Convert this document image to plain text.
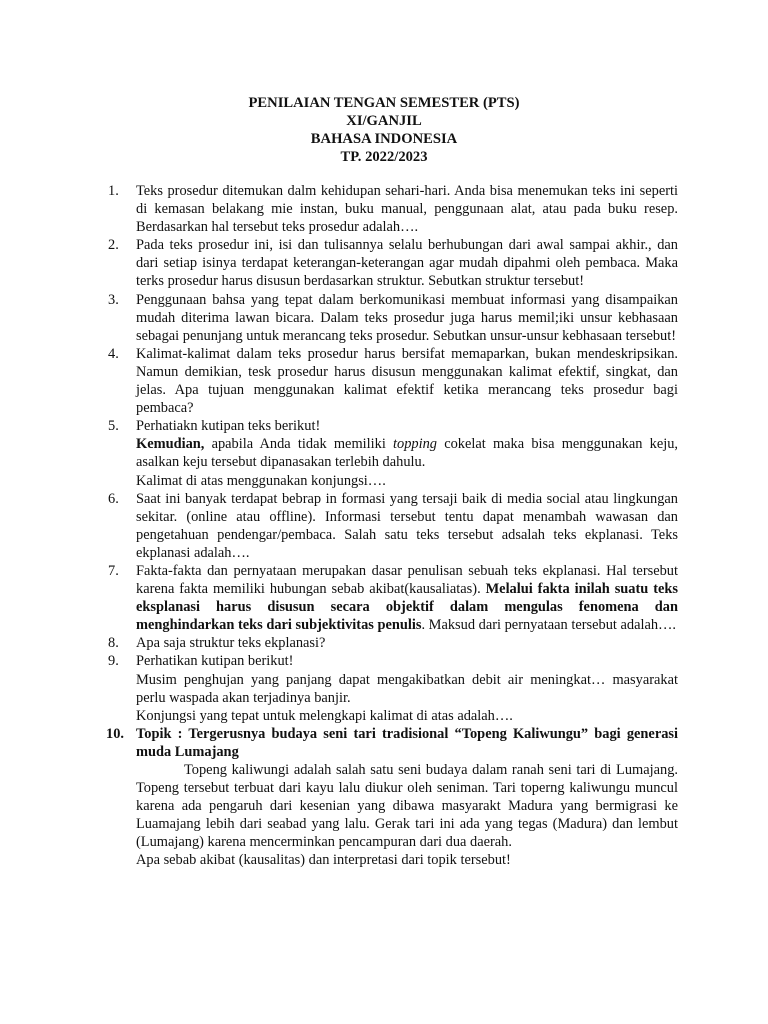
PENILAIAN TENGAN SEMESTER (PTS)
XI/GANJIL
BAHASA INDONESIA
TP. 2022/2023
1.	Teks prosedur ditemukan dalm kehidupan sehari-hari. Anda bisa menemukan teks ini seperti di kemasan belakang mie instan, buku manual, penggunaan alat, atau pada buku resep. Berdasarkan hal tersebut teks prosedur adalah….

2.	Pada teks prosedur ini, isi dan tulisannya selalu berhubungan dari awal sampai akhir., dan dari setiap isinya terdapat keterangan-keterangan agar mudah dipahmi oleh pembaca. Maka terks prosedur harus disusun berdasarkan struktur. Sebutkan struktur tersebut!

3.	Penggunaan bahsa yang tepat dalam berkomunikasi membuat informasi yang disampaikan mudah diterima lawan bicara. Dalam teks prosedur juga harus memil;iki unsur kebhasaan sebagai penunjang untuk merancang teks prosedur. Sebutkan unsur-unsur kebhasaan tersebut!

4.	Kalimat-kalimat dalam teks prosedur harus bersifat memaparkan, bukan mendeskripsikan. Namun demikian, tesk prosedur harus disusun menggunakan kalimat efektif, singkat, dan jelas. Apa tujuan menggunakan kalimat efektif ketika merancang teks prosedur bagi pembaca?

5.	Perhatiakn kutipan teks berikut!

Kemudian, apabila Anda tidak memiliki topping cokelat maka bisa menggunakan keju, asalkan keju tersebut dipanasakan terlebih dahulu.

Kalimat di atas menggunakan konjungsi….

6.	Saat ini banyak terdapat bebrap in formasi yang tersaji baik di media social atau lingkungan sekitar. (online atau offline). Informasi tersebut tentu dapat menambah wawasan dan pengetahuan pendengar/pembaca. Salah satu teks tersebut adsalah teks ekplanasi. Teks ekplanasi adalah….

7.	Fakta-fakta dan pernyataan merupakan dasar penulisan sebuah teks ekplanasi. Hal tersebut karena fakta memiliki hubungan sebab akibat(kausaliatas). Melalui fakta inilah suatu teks eksplanasi harus disusun secara objektif dalam mengulas fenomena dan menghindarkan teks dari subjektivitas penulis. Maksud dari pernyataan tersebut adalah….

8.	Apa saja struktur teks ekplanasi?

9.	Perhatikan kutipan berikut!

Musim penghujan yang panjang dapat mengakibatkan debit air meningkat… masyarakat perlu waspada akan terjadinya banjir.

Konjungsi yang tepat untuk melengkapi kalimat di atas adalah….

10. Topik : Tergerusnya budaya seni tari tradisional “Topeng Kaliwungu” bagi generasi muda Lumajang

Topeng kaliwungi adalah salah satu seni budaya dalam ranah seni tari di Lumajang. Topeng tersebut terbuat dari kayu lalu diukur oleh seniman. Tari toperng kaliwungu muncul karena ada pengaruh dari kesenian yang dibawa masyarakt Madura yang bermigrasi ke Luamajang lebih dari seabad yang lalu. Gerak tari ini ada yang tegas (Madura) dan lembut (Lumajang) karena mencerminkan pencampuran dari dua daerah.

Apa sebab akibat (kausalitas) dan interpretasi dari topik tersebut!
